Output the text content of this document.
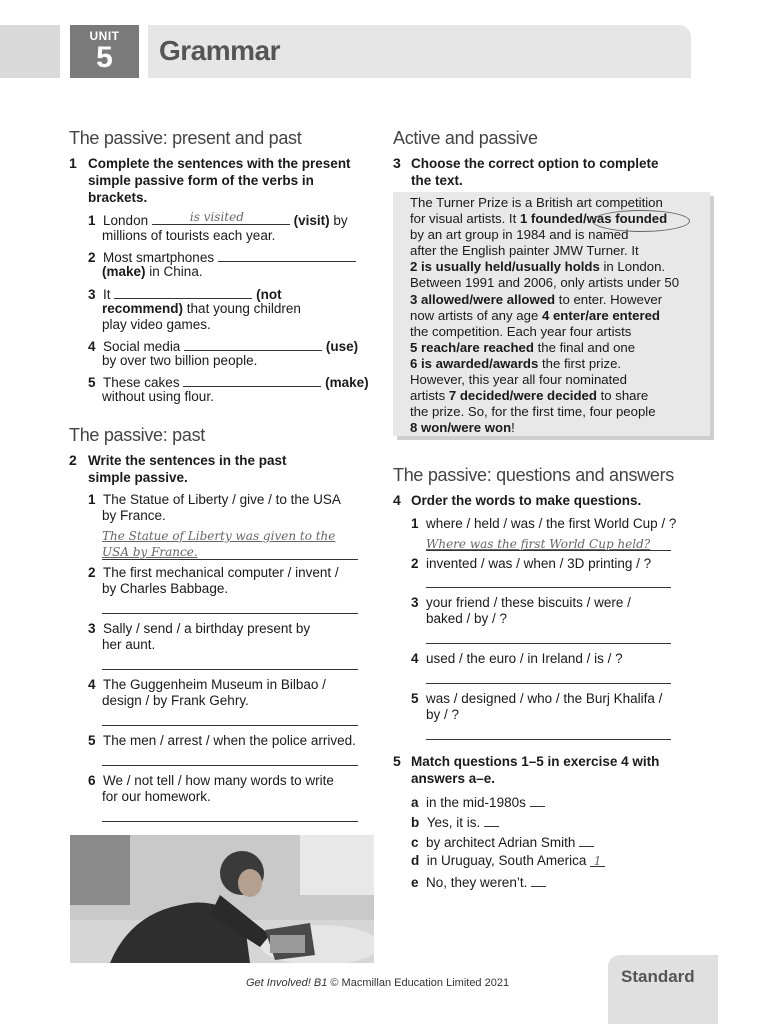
UNIT
5	Grammar
The passive: present and past
1 Complete the sentences with the present
simple passive form of the verbs in
brackets.
1 London	is visited	(visit) by
millions of tourists each year.
2 Most smartphones
(make) in China.
3 It	(not
recommend) that young children
play video games.
4 Social media	(use)
by over two billion people.
5 These cakes	(make)
without using flour.
The passive: past
2 Write the sentences in the past
simple passive.
1 The Statue of Liberty / give / to the USA
by France.
The Statue of Liberty was given to the
USA by France.
2 The first mechanical computer / invent /
by Charles Babbage.
3 Sally / send / a birthday present by
her aunt.
4 The Guggenheim Museum in Bilbao /
design / by Frank Gehry.
5 The men / arrest / when the police arrived.
6 We / not tell / how many words to write
for our homework.
Active and passive
3 Choose the correct option to complete
the text.

The Turner Prize is a British art competition
for visual artists. It 1 founded/was founded
by an art group in 1984 and is named
after the English painter JMW Turner. It
2 is usually held/usually holds in London.
Between 1991 and 2006, only artists under 50
3 allowed/were allowed to enter. However
now artists of any age 4 enter/are entered
the competition. Each year four artists
5 reach/are reached the final and one
6 is awarded/awards the first prize.
However, this year all four nominated
artists 7 decided/were decided to share
the prize. So, for the first time, four people
8 won/were won!

The passive: questions and answers
4 Order the words to make questions.
1 where / held / was / the first World Cup / ?
Where was the first World Cup held?
2 invented / was / when / 3D printing / ?
3 your friend / these biscuits / were /
baked / by / ?
4 used / the euro / in Ireland / is / ?
5 was / designed / who / the Burj Khalifa /
by / ?
5 Match questions 1–5 in exercise 4 with
answers a–e.
a in the mid-1980s
b Yes, it is.
c by architect Adrian Smith
d in Uruguay, South America 1
e No, they weren’t.
Get Involved! B1 © Macmillan Education Limited 2021	Standard
